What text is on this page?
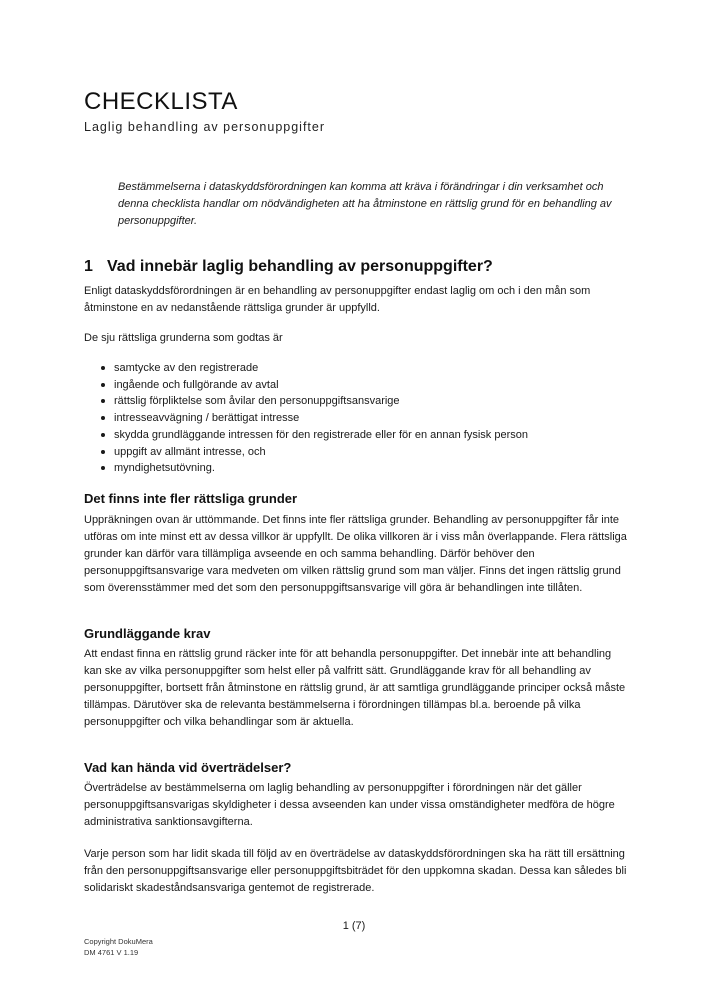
CHECKLISTA
Laglig behandling av personuppgifter

Bestämmelserna i dataskyddsförordningen kan komma att kräva i förändringar i din verksamhet och denna checklista handlar om nödvändigheten att ha åtminstone en rättslig grund för en behandling av personuppgifter.

1 Vad innebär laglig behandling av personuppgifter?

Enligt dataskyddsförordningen är en behandling av personuppgifter endast laglig om och i den mån som åtminstone en av nedanstående rättsliga grunder är uppfylld.

De sju rättsliga grunderna som godtas är

samtycke av den registrerade
ingående och fullgörande av avtal
rättslig förpliktelse som åvilar den personuppgiftsansvarige
intresseavvägning / berättigat intresse
skydda grundläggande intressen för den registrerade eller för en annan fysisk person
uppgift av allmänt intresse, och
myndighetsutövning.
Det finns inte fler rättsliga grunder

Uppräkningen ovan är uttömmande. Det finns inte fler rättsliga grunder. Behandling av personuppgifter får inte utföras om inte minst ett av dessa villkor är uppfyllt. De olika villkoren är i viss mån överlappande. Flera rättsliga grunder kan därför vara tillämpliga avseende en och samma behandling. Därför behöver den personuppgiftsansvarige vara medveten om vilken rättslig grund som man väljer. Finns det ingen rättslig grund som överensstämmer med det som den personuppgiftsansvarige vill göra är behandlingen inte tillåten.

Grundläggande krav

Att endast finna en rättslig grund räcker inte för att behandla personuppgifter. Det innebär inte att behandling kan ske av vilka personuppgifter som helst eller på valfritt sätt. Grundläggande krav för all behandling av personuppgifter, bortsett från åtminstone en rättslig grund, är att samtliga grundläggande principer också måste tillämpas. Därutöver ska de relevanta bestämmelserna i förordningen tillämpas bl.a. beroende på vilka personuppgifter och vilka behandlingar som är aktuella.

Vad kan hända vid överträdelser?

Överträdelse av bestämmelserna om laglig behandling av personuppgifter i förordningen när det gäller personuppgiftsansvarigas skyldigheter i dessa avseenden kan under vissa omständigheter medföra de högre administrativa sanktionsavgifterna.

Varje person som har lidit skada till följd av en överträdelse av dataskyddsförordningen ska ha rätt till ersättning från den personuppgiftsansvarige eller personuppgiftsbiträdet för den uppkomna skadan. Dessa kan således bli solidariskt skadeståndsansvariga gentemot de registrerade.

1 (7)
Copyright DokuMera
DM 4761 V 1.19
